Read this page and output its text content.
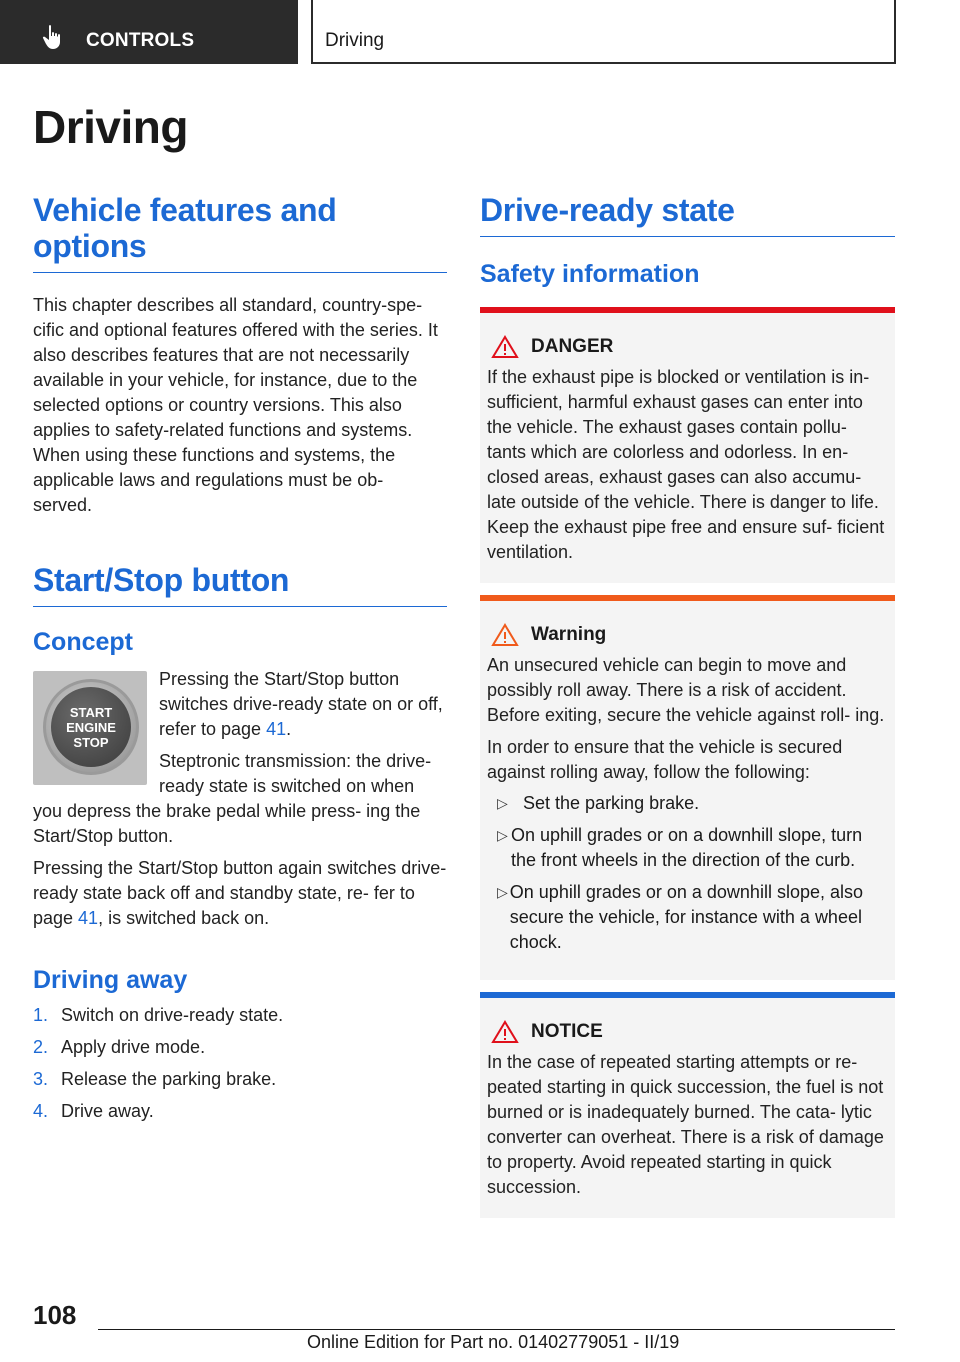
CONTROLS	Driving
Driving
Vehicle features and options

This chapter describes all standard, country-spe- cific and optional features offered with the series. It also describes features that are not necessarily available in your vehicle, for instance, due to the selected options or country versions. This also applies to safety-related functions and systems. When using these functions and systems, the applicable laws and regulations must be ob- served.

Start/Stop button
Concept
START
ENGINE
STOP

Pressing the Start/Stop button switches drive-ready state on or off, refer to page 41.

Steptronic transmission: the drive-ready state is switched on when you depress the brake pedal while press- ing the Start/Stop button.

Pressing the Start/Stop button again switches drive-ready state back off and standby state, re- fer to page 41, is switched back on.

Driving away
1. Switch on drive-ready state.
2. Apply drive mode.
3. Release the parking brake.
4. Drive away.
Drive-ready state
Safety information
DANGER

If the exhaust pipe is blocked or ventilation is in- sufficient, harmful exhaust gases can enter into the vehicle. The exhaust gases contain pollu- tants which are colorless and odorless. In en- closed areas, exhaust gases can also accumu- late outside of the vehicle. There is danger to life. Keep the exhaust pipe free and ensure suf- ficient ventilation.

Warning

An unsecured vehicle can begin to move and possibly roll away. There is a risk of accident. Before exiting, secure the vehicle against roll- ing.

In order to ensure that the vehicle is secured against rolling away, follow the following:

▷ Set the parking brake.
▷ On uphill grades or on a downhill slope, turn the front wheels in the direction of the curb.
▷ On uphill grades or on a downhill slope, also secure the vehicle, for instance with a wheel chock.
NOTICE

In the case of repeated starting attempts or re- peated starting in quick succession, the fuel is not burned or is inadequately burned. The cata- lytic converter can overheat. There is a risk of damage to property. Avoid repeated starting in quick succession.

108
Online Edition for Part no. 01402779051 - II/19
